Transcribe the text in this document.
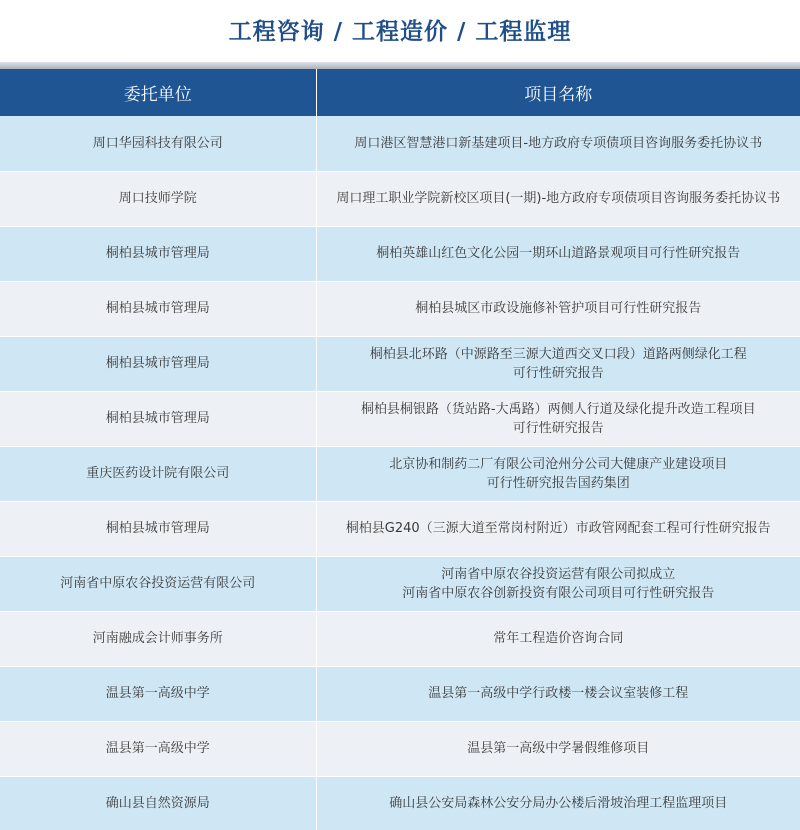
工程咨询 / 工程造价 / 工程监理
委托单位	项目名称

周口华园科技有限公司	周口港区智慧港口新基建项目-地方政府专项债项目咨询服务委托协议书

周口技师学院	周口理工职业学院新校区项目(一期)-地方政府专项债项目咨询服务委托协议书

桐柏县城市管理局	桐柏英雄山红色文化公园一期环山道路景观项目可行性研究报告

桐柏县城市管理局	桐柏县城区市政设施修补管护项目可行性研究报告

桐柏县城市管理局	桐柏县北环路（中源路至三源大道西交叉口段）道路两侧绿化工程
可行性研究报告

桐柏县城市管理局	桐柏县桐银路（货站路-大禹路）两侧人行道及绿化提升改造工程项目
可行性研究报告

重庆医药设计院有限公司	北京协和制药二厂有限公司沧州分公司大健康产业建设项目
可行性研究报告国药集团

桐柏县城市管理局	桐柏县G240（三源大道至常岗村附近）市政管网配套工程可行性研究报告

河南省中原农谷投资运营有限公司	河南省中原农谷投资运营有限公司拟成立
河南省中原农谷创新投资有限公司项目可行性研究报告

河南融成会计师事务所	常年工程造价咨询合同

温县第一高级中学	温县第一高级中学行政楼一楼会议室装修工程

温县第一高级中学	温县第一高级中学暑假维修项目

确山县自然资源局	确山县公安局森林公安分局办公楼后滑坡治理工程监理项目
